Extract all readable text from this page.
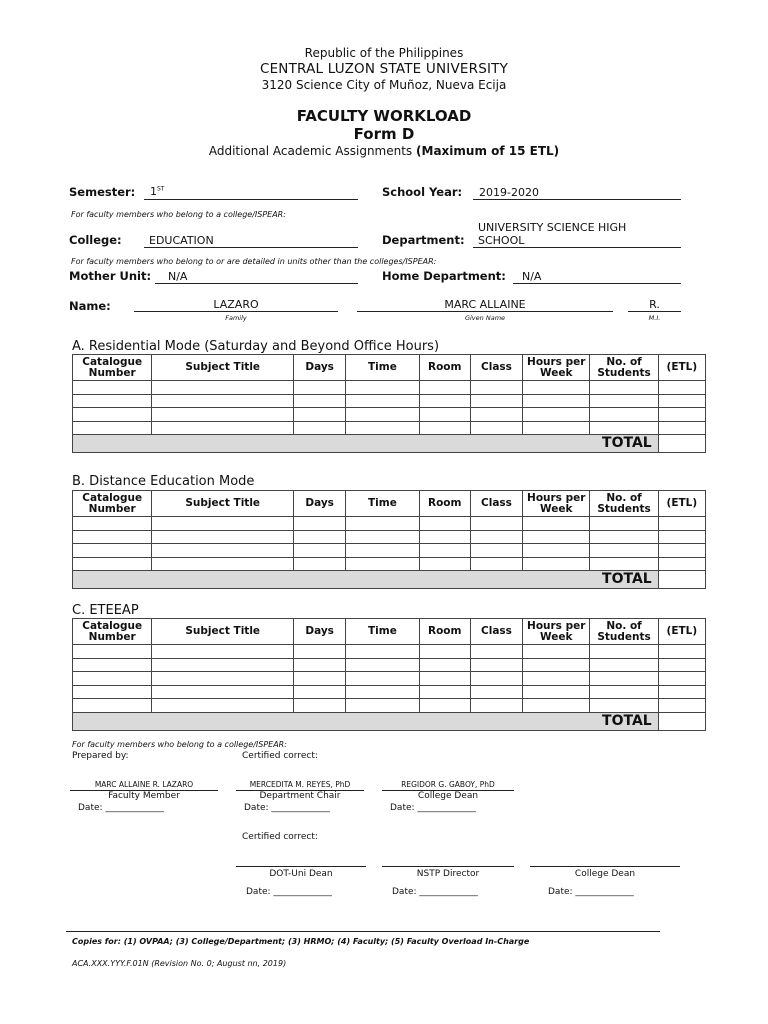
Republic of the Philippines
CENTRAL LUZON STATE UNIVERSITY
3120 Science City of Muñoz, Nueva Ecija
FACULTY WORKLOAD
Form D
Additional Academic Assignments (Maximum of 15 ETL)
Semester: 1ST	School Year: 2019-2020
For faculty members who belong to a college/ISPEAR:
College: EDUCATION	Department:
UNIVERSITY SCIENCE HIGH
SCHOOL
For faculty members who belong to or are detailed in units other than the colleges/ISPEAR:
Mother Unit: N/A	Home Department: N/A
Name:	LAZARO
Family
MARC ALLAINE
Given Name
R.
M.I.
A. Residential Mode (Saturday and Beyond Office Hours)
Catalogue Number	Subject Title	Days	Time	Room	Class	Hours per Week	No. of Students	(ETL)

TOTAL								
B. Distance Education Mode
Catalogue Number	Subject Title	Days	Time	Room	Class	Hours per Week	No. of Students	(ETL)

TOTAL								
C. ETEEAP
Catalogue Number	Subject Title	Days	Time	Room	Class	Hours per Week	No. of Students	(ETL)

TOTAL								
For faculty members who belong to a college/ISPEAR:
Prepared by:	Certified correct:
MARC ALLAINE R. LAZARO
Faculty Member
Date: _____________
MERCEDITA M. REYES, PhD
Department Chair
Date: _____________
REGIDOR G. GABOY, PhD
College Dean
Date: _____________
Certified correct:
DOT-Uni Dean
Date: _____________
NSTP Director
Date: _____________
College Dean
Date: _____________
Copies for: (1) OVPAA; (3) College/Department; (3) HRMO; (4) Faculty; (5) Faculty Overload In-Charge
ACA.XXX.YYY.F.01N (Revision No. 0; August nn, 2019)
